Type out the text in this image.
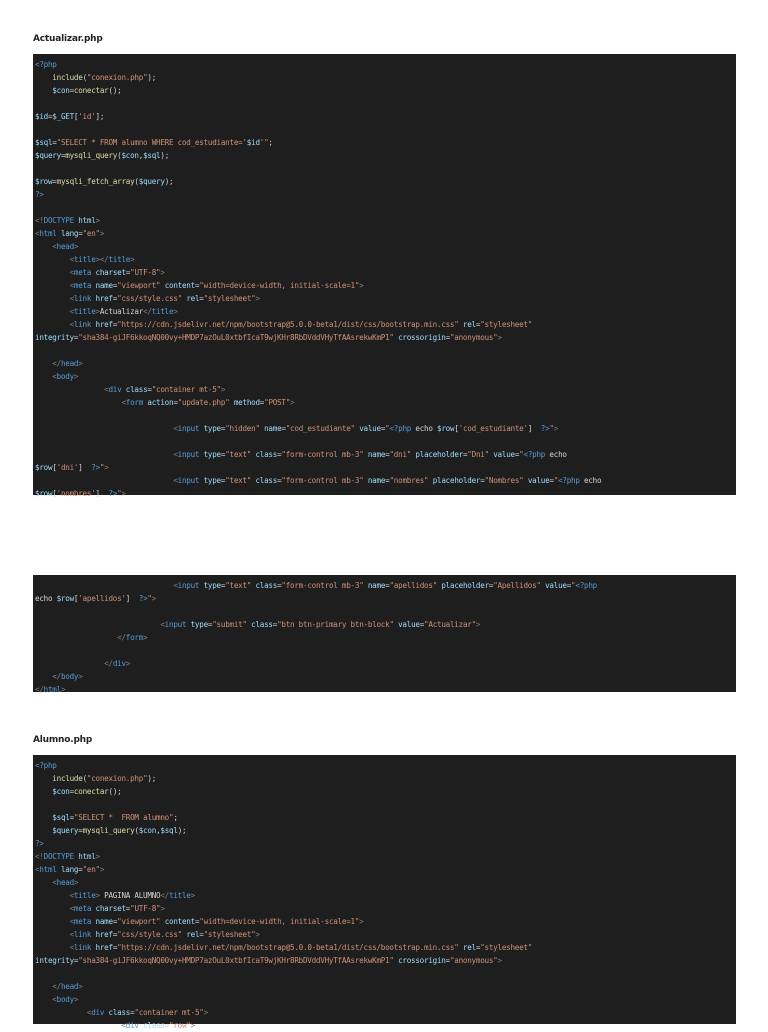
Actualizar.php
<?php
include("conexion.php");
$con=conectar();
$id=$_GET['id'];
$sql="SELECT * FROM alumno WHERE cod_estudiante='$id'";
$query=mysqli_query($con,$sql);
$row=mysqli_fetch_array($query);
?>
<!DOCTYPE html>
<html lang="en">
<head>
<title></title>
<meta charset="UTF-8">
<meta name="viewport" content="width=device-width, initial-scale=1">
<link href="css/style.css" rel="stylesheet">
<title>Actualizar</title>
<link href="https://cdn.jsdelivr.net/npm/bootstrap@5.0.0-beta1/dist/css/bootstrap.min.css" rel="stylesheet"
integrity="sha384-giJF6kkoqNQ00vy+HMDP7azOuL0xtbfIcaT9wjKHr8RbDVddVHyTfAAsrekwKmP1" crossorigin="anonymous">
</head>
<body>
<div class="container mt-5">
<form action="update.php" method="POST">
<input type="hidden" name="cod_estudiante" value="<?php echo $row['cod_estudiante']  ?>">
<input type="text" class="form-control mb-3" name="dni" placeholder="Dni" value="<?php echo
$row['dni']  ?>">
<input type="text" class="form-control mb-3" name="nombres" placeholder="Nombres" value="<?php echo
$row['nombres']  ?>">
<input type="text" class="form-control mb-3" name="apellidos" placeholder="Apellidos" value="<?php
echo $row['apellidos']  ?>">
<input type="submit" class="btn btn-primary btn-block" value="Actualizar">
</form>
</div>
</body>
</html>
Alumno.php
<?php
include("conexion.php");
$con=conectar();
$sql="SELECT *  FROM alumno";
$query=mysqli_query($con,$sql);
?>
<!DOCTYPE html>
<html lang="en">
<head>
<title> PAGINA ALUMNO</title>
<meta charset="UTF-8">
<meta name="viewport" content="width=device-width, initial-scale=1">
<link href="css/style.css" rel="stylesheet">
<link href="https://cdn.jsdelivr.net/npm/bootstrap@5.0.0-beta1/dist/css/bootstrap.min.css" rel="stylesheet"
integrity="sha384-giJF6kkoqNQ00vy+HMDP7azOuL0xtbfIcaT9wjKHr8RbDVddVHyTfAAsrekwKmP1" crossorigin="anonymous">
</head>
<body>
<div class="container mt-5">
<div class="row">
